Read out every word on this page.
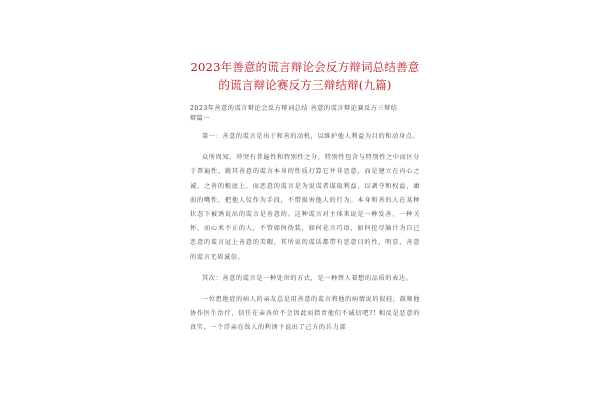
2023年善意的谎言辩论会反方辩词总结善意
的谎言辩论赛反方三辩结辩(九篇)
2023年善意的谎言辩论会反方辩词总结 善意的谎言辩论赛反方三辩结
辩篇一

第一：善意的谎言是出于和善的动机，以维护他人利益为目的和动身点。

众所周知，冲突有普遍性和特别性之分，特别性包含与特别性之中而区分于普遍性。就其善意的谎言本身的性质打算它并非恶意，而是建立在内心之诚，之善的根底上，而恶意的谎言是为说谎者谋取利益，以剥夺和权益，庸弱的嘴性，把他人仪作为手段，不惜损害他人的行为。本身和善的人在某种状态下被诱说出的谎言是善意的。这种谎言对主体来说是一种发善，一种关怀，而心术不正的人，不管如何伪装，如何花言巧语，如何挖尽脑汁为自己恶意的谎言冠上善意的美暇，其所说的谎话都带有恶意目的性，明显，善意的谎言无碍诚信。

其次：善意的谎言是一种处世的方式，是一种替人着想的品质的表达。

一位患绝症的病人的亲友总是用善意的谎言将他的病情说的很轻，鼓舞他协作医生治疗，信任在亲各位不会因此而指责他们不诚信吧?! 相反是恶意的真实，一个浮亲在敌人的利诱下说出了己方的兵力部
